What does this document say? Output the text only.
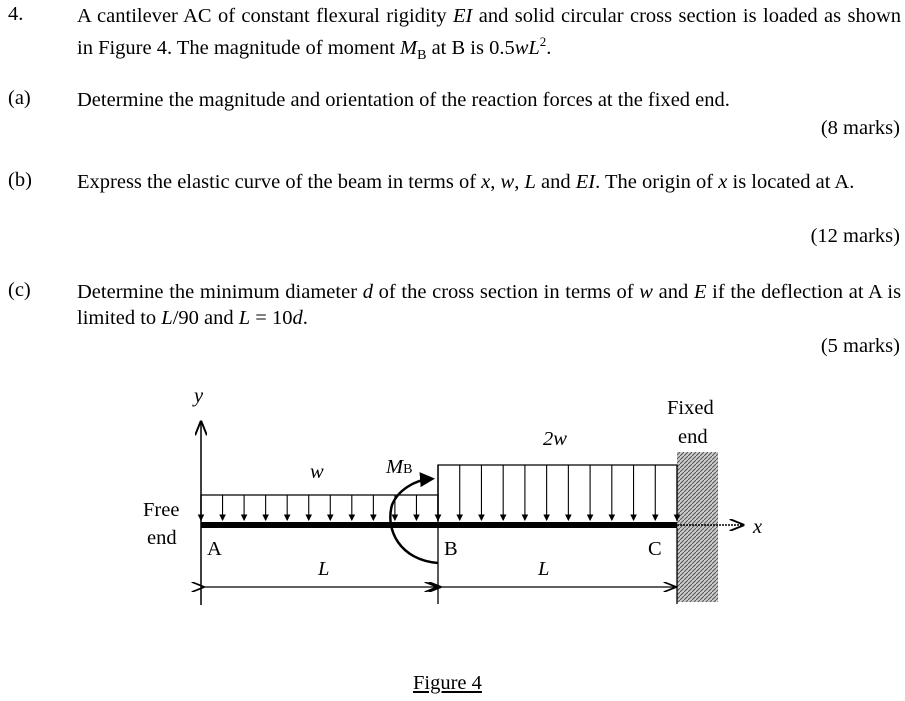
4.	A cantilever AC of constant flexural rigidity EI and solid circular cross section is loaded as shown in Figure 4. The magnitude of moment $M_B$ at B is $0.5wL^2$.
(a) Determine the magnitude and orientation of the reaction forces at the fixed end.
(8 marks)
(b) Express the elastic curve of the beam in terms of x, w, L and EI. The origin of x is located at A.
(12 marks)
(c) Determine the minimum diameter d of the cross section in terms of w and E if the deflection at A is limited to L/90 and L = 10d.
(5 marks)
y
x
Free
end
Fixed
end
w
2w
MB
A	B	C
L	L
Figure 4
